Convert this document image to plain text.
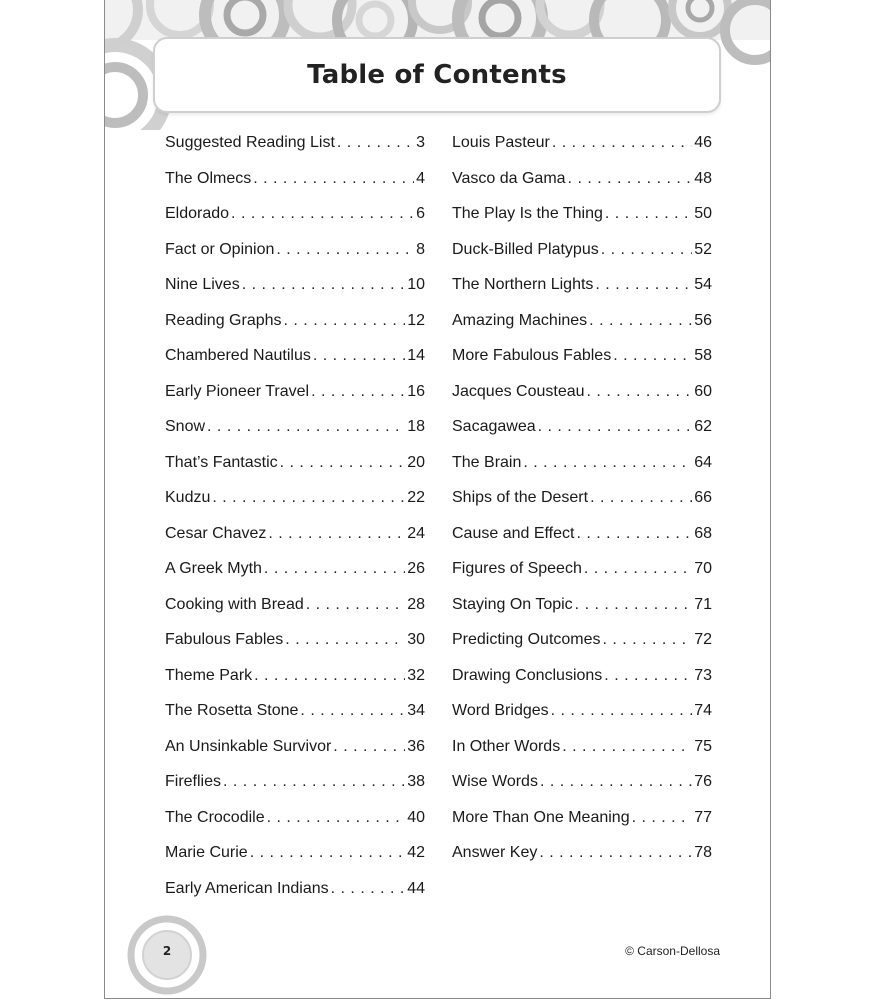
Table of Contents
Suggested Reading List . . .	3
The Olmecs . . .	4
Eldorado . . .	6
Fact or Opinion . . .	8
Nine Lives . . .	10
Reading Graphs . . .	12
Chambered Nautilus . . .	14
Early Pioneer Travel . . .	16
Snow . . .	18
That’s Fantastic . . .	20
Kudzu . . .	22
Cesar Chavez . . .	24
A Greek Myth . . .	26
Cooking with Bread . . .	28
Fabulous Fables . . .	30
Theme Park . . .	32
The Rosetta Stone . . .	34
An Unsinkable Survivor . . .	36
Fireflies . . .	38
The Crocodile . . .	40
Marie Curie . . .	42
Early American Indians . . .	44
Louis Pasteur . . .	46
Vasco da Gama . . .	48
The Play Is the Thing . . .	50
Duck-Billed Platypus . . .	52
The Northern Lights . . .	54
Amazing Machines . . .	56
More Fabulous Fables . . .	58
Jacques Cousteau . . .	60
Sacagawea . . .	62
The Brain . . .	64
Ships of the Desert . . .	66
Cause and Effect . . .	68
Figures of Speech . . .	70
Staying On Topic . . .	71
Predicting Outcomes . . .	72
Drawing Conclusions . . .	73
Word Bridges . . .	74
In Other Words . . .	75
Wise Words . . .	76
More Than One Meaning . . .	77
Answer Key . . .	78
2	© Carson-Dellosa
